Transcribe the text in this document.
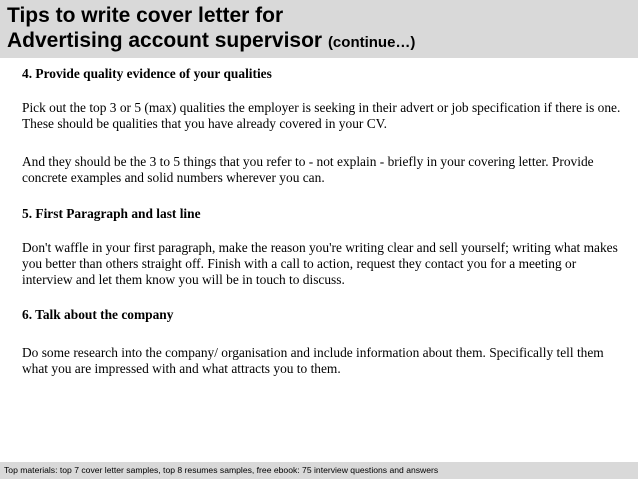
Tips to write cover letter for
Advertising account supervisor (continue…)

4. Provide quality evidence of your qualities

Pick out the top 3 or 5 (max) qualities the employer is seeking in their advert or job specification if there is one. These should be qualities that you have already covered in your CV.

And they should be the 3 to 5 things that you refer to - not explain - briefly in your covering letter. Provide concrete examples and solid numbers wherever you can.

5. First Paragraph and last line

Don't waffle in your first paragraph, make the reason you're writing clear and sell yourself; writing what makes you better than others straight off. Finish with a call to action, request they contact you for a meeting or interview and let them know you will be in touch to discuss.

6. Talk about the company

Do some research into the company/ organisation and include information about them. Specifically tell them what you are impressed with and what attracts you to them.

Top materials: top 7 cover letter samples, top 8 resumes samples, free ebook: 75 interview questions and answers
